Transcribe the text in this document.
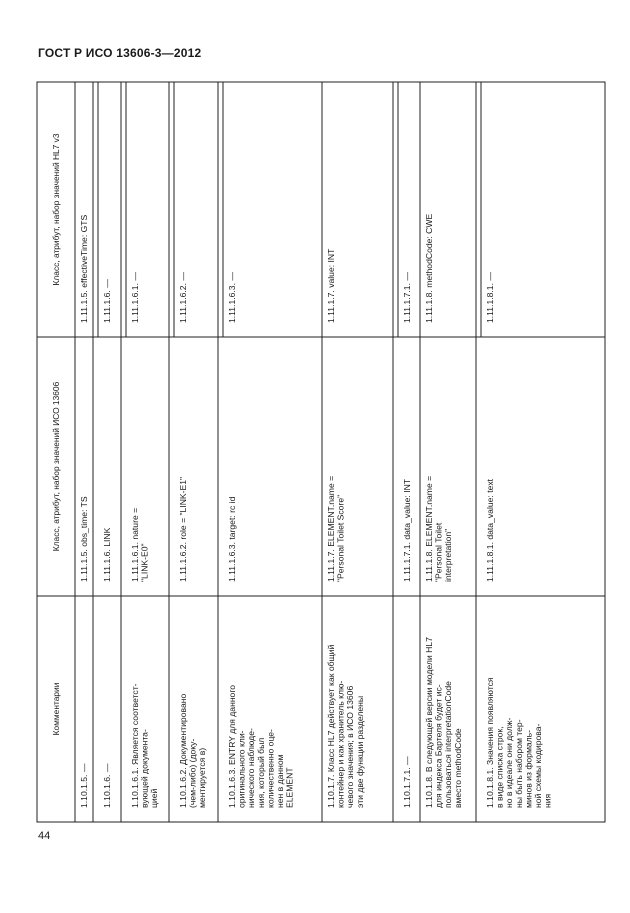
ГОСТ Р ИСО 13606-3—2012
Класс, атрибут, набор значений HL7 v3
Класс, атрибут, набор значений ИСО 13606
Комментарии
1.11.1.5. effectiveTime: GTS
1.11.1.5. obs_time: TS
1.10.1.5. —
1.11.1.6. —
1.11.1.6. LINK
1.10.1.6. —
1.11.1.6.1. —
1.11.1.6.1. nature = "LINK-E0"
1.10.1.6.1. Является соответст- вующей документа- цией
1.11.1.6.2. —
1.11.1.6.2. role = "LINK-E1"
1.10.1.6.2. Документировано (чем-либо) (доку- ментируется в)
1.11.1.6.3. —
1.11.1.6.3. target: rc id
1.10.1.6.3. ENTRY для данного оригинального кли- нического наблюде- ния, который был количественно оце- нен в данном ELEMENT
1.11.1.7. value: INT
1.11.1.7. ELEMENT.name = "Personal Toilet Score"
1.10.1.7. Класс HL7 действует как общий контейнер и как хранитель клю- чевого значения; в ИСО 13606 эти две функции разделены
1.11.1.7.1. —
1.11.1.7.1. data_value: INT
1.10.1.7.1. —
1.11.1.8. methodCode: CWE
1.11.1.8. ELEMENT.name = "Personal Toilet interpretation"
1.10.1.8. В следующей версии модели HL7 для индекса Бартеля будет ис- пользоваться interpretationCode вместо methodCode
1.11.1.8.1. —
1.11.1.8.1. data_value: text
1.10.1.8.1. Значения появляются в виде списка строк, но в идеале они долж- ны быть набором тер- минов из формаль- ной схемы кодирова- ния
44
